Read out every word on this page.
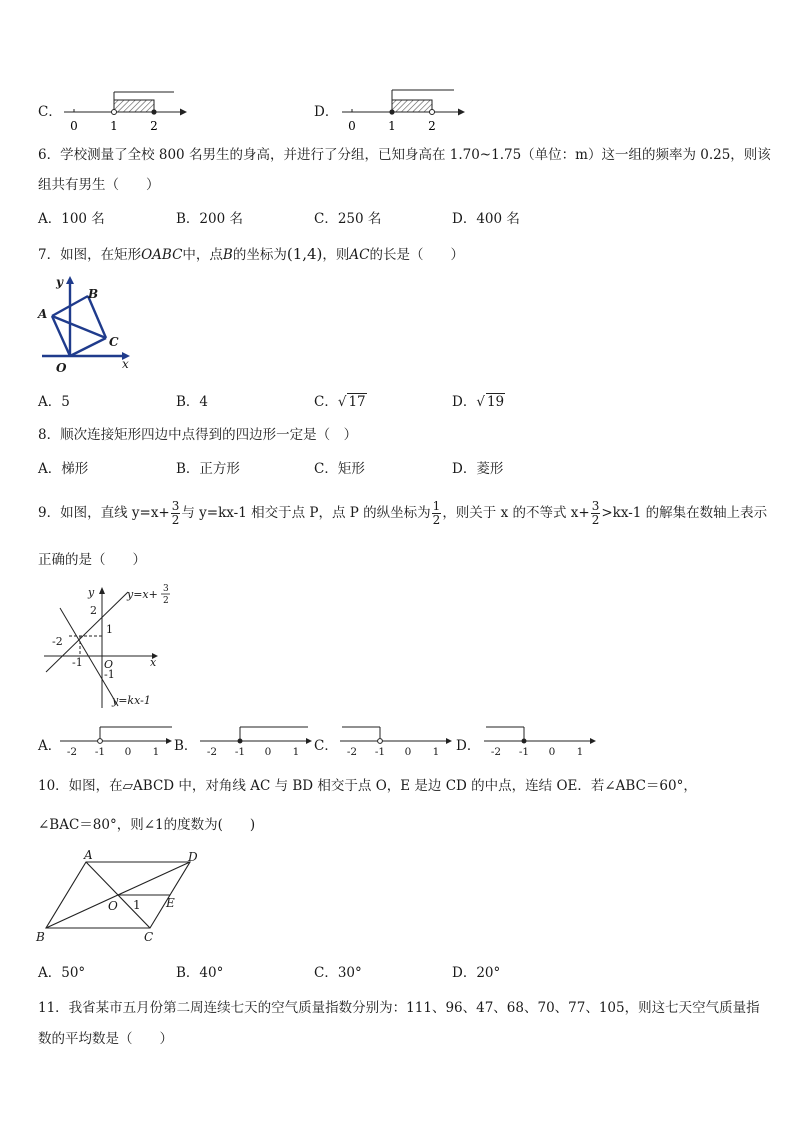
C．
0	1	2
D．
0	1	2
6．学校测量了全校 800 名男生的身高，并进行了分组，已知身高在 1.70~1.75（单位：m）这一组的频率为 0.25，则该
组共有男生（　　）
A．100 名	B．200 名	C．250 名	D．400 名
7．如图，在矩形OABC中，点B的坐标为(1,4)，则AC的长是（　　）
y
x
A
B
C
O
A．5	B．4	C．√ 17	D．√ 19
8．顺次连接矩形四边中点得到的四边形一定是（　）
A．梯形	B．正方形	C．矩形	D．菱形
9．如图，直线 $y=x+ \frac{3}{2}$ 与 y=kx-1 相交于点 P，点 P 的纵坐标为 $\frac{1}{2}$ ，则关于 x 的不等式 $x+ \frac{3}{2} >kx-1$ 的解集在数轴上表示
正确的是（　　）
y
x
O
2
1
-2
-1
-1
y=x+ 3
2
y=kx-1
A． -2 -1 0 1 B． -2 -1 0 1 C． -2 -1 0 1 D． -2 -1 0 1
10．如图，在▱ABCD 中，对角线 AC 与 BD 相交于点 O，E 是边 CD 的中点，连结 OE．若∠ABC＝60°，
∠BAC＝80°，则∠1的度数为(　　)
A	D
B	C
O	E
1
A．50°	B．40°	C．30°	D．20°
11．我省某市五月份第二周连续七天的空气质量指数分别为：111、96、47、68、70、77、105，则这七天空气质量指
数的平均数是（　　）
